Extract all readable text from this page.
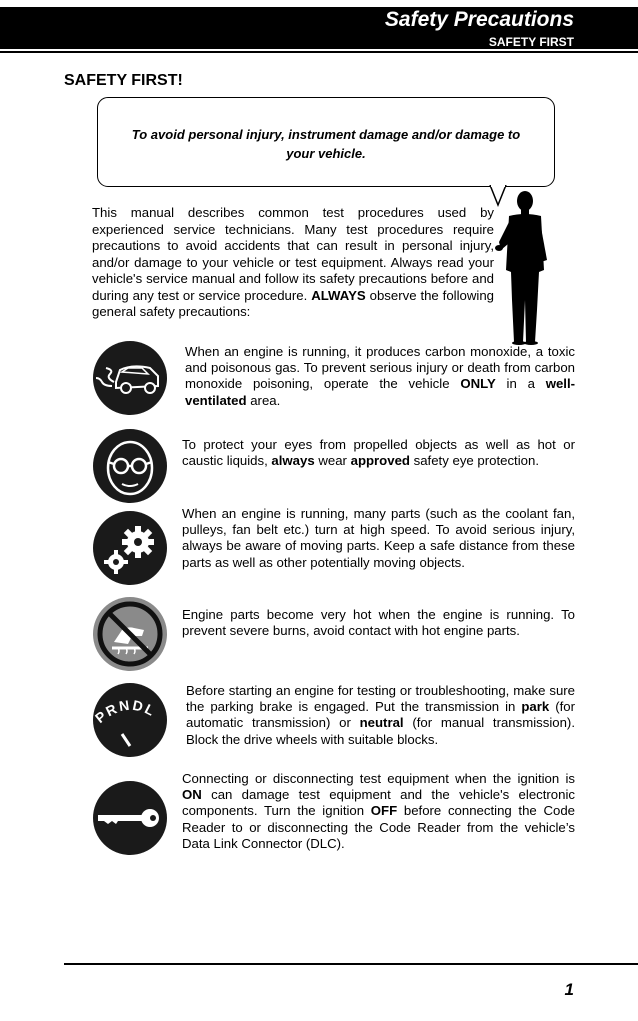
Safety Precautions
SAFETY FIRST
SAFETY FIRST!
To avoid personal injury, instrument damage and/or damage to your vehicle.

This manual describes common test procedures used by experienced service technicians. Many test procedures require precautions to avoid accidents that can result in personal injury, and/or damage to your vehicle or test equipment. Always read your vehicle's service manual and follow its safety precautions before and during any test or service procedure. ALWAYS observe the following general safety precautions:

When an engine is running, it produces carbon monoxide, a toxic and poisonous gas. To prevent serious injury or death from carbon monoxide poisoning, operate the vehicle ONLY in a well-ventilated area.

To protect your eyes from propelled objects as well as hot or caustic liquids, always wear approved safety eye protection.

When an engine is running, many parts (such as the coolant fan, pulleys, fan belt etc.) turn at high speed. To avoid serious injury, always be aware of moving parts. Keep a safe distance from these parts as well as other potentially moving objects.

Engine parts become very hot when the engine is running. To prevent severe burns, avoid contact with hot engine parts.

PRNDL

Before starting an engine for testing or troubleshooting, make sure the parking brake is engaged. Put the transmission in park (for automatic transmission) or neutral (for manual transmission). Block the drive wheels with suitable blocks.

Connecting or disconnecting test equipment when the ignition is ON can damage test equipment and the vehicle's electronic components. Turn the ignition OFF before connecting the Code Reader to or disconnecting the Code Reader from the vehicle’s Data Link Connector (DLC).

1
